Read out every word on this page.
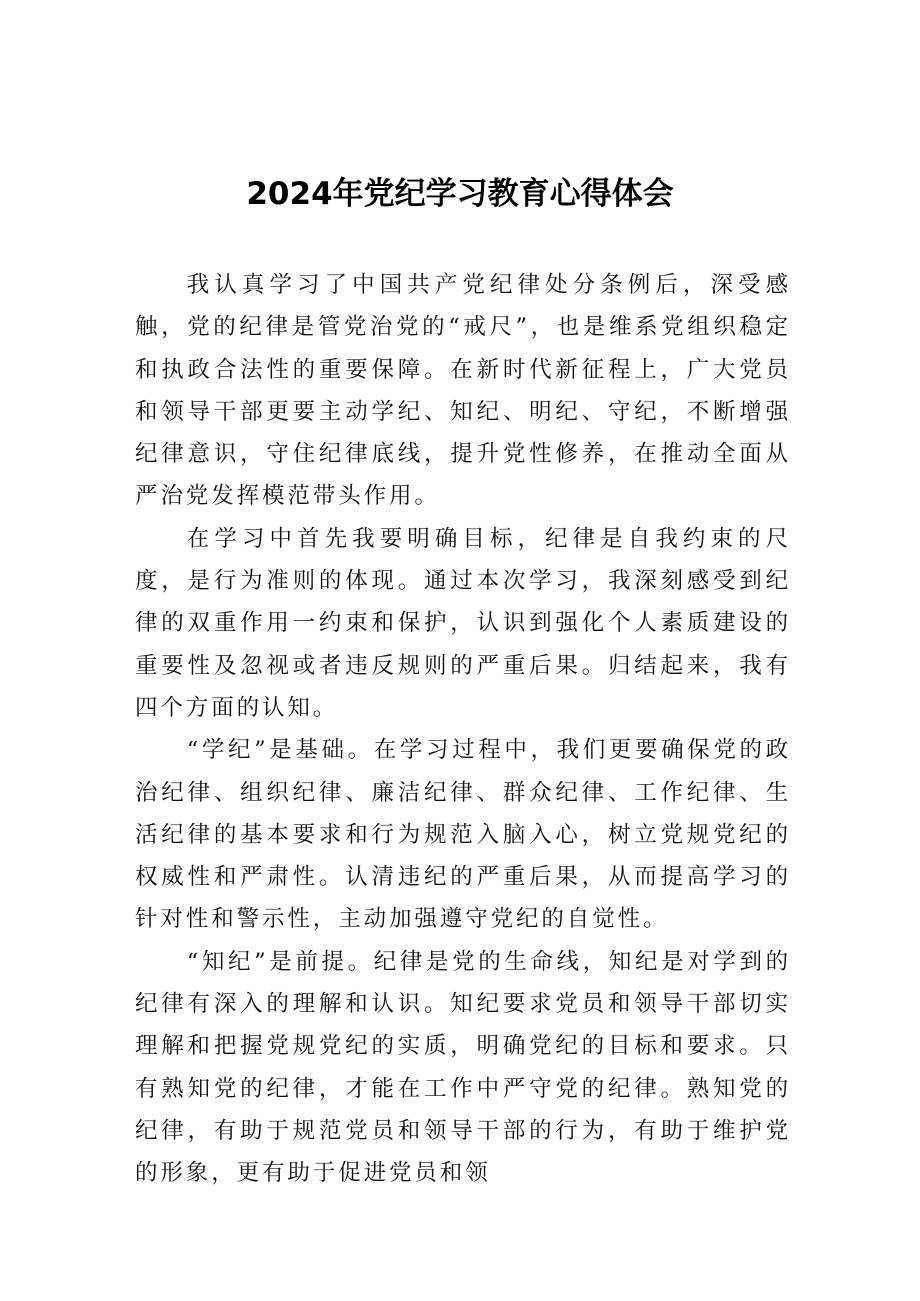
2024年党纪学习教育心得体会

我认真学习了中国共产党纪律处分条例后，深受感触，党的纪律是管党治党的“戒尺”，也是维系党组织稳定和执政合法性的重要保障。在新时代新征程上，广大党员和领导干部更要主动学纪、知纪、明纪、守纪，不断增强纪律意识，守住纪律底线，提升党性修养，在推动全面从严治党发挥模范带头作用。

在学习中首先我要明确目标，纪律是自我约束的尺度，是行为准则的体现。通过本次学习，我深刻感受到纪律的双重作用一约束和保护，认识到强化个人素质建设的重要性及忽视或者违反规则的严重后果。归结起来，我有四个方面的认知。

“学纪”是基础。在学习过程中，我们更要确保党的政治纪律、组织纪律、廉洁纪律、群众纪律、工作纪律、生活纪律的基本要求和行为规范入脑入心，树立党规党纪的权威性和严肃性。认清违纪的严重后果，从而提高学习的针对性和警示性，主动加强遵守党纪的自觉性。

“知纪”是前提。纪律是党的生命线，知纪是对学到的纪律有深入的理解和认识。知纪要求党员和领导干部切实理解和把握党规党纪的实质，明确党纪的目标和要求。只有熟知党的纪律，才能在工作中严守党的纪律。熟知党的纪律，有助于规范党员和领导干部的行为，有助于维护党的形象，更有助于促进党员和领
